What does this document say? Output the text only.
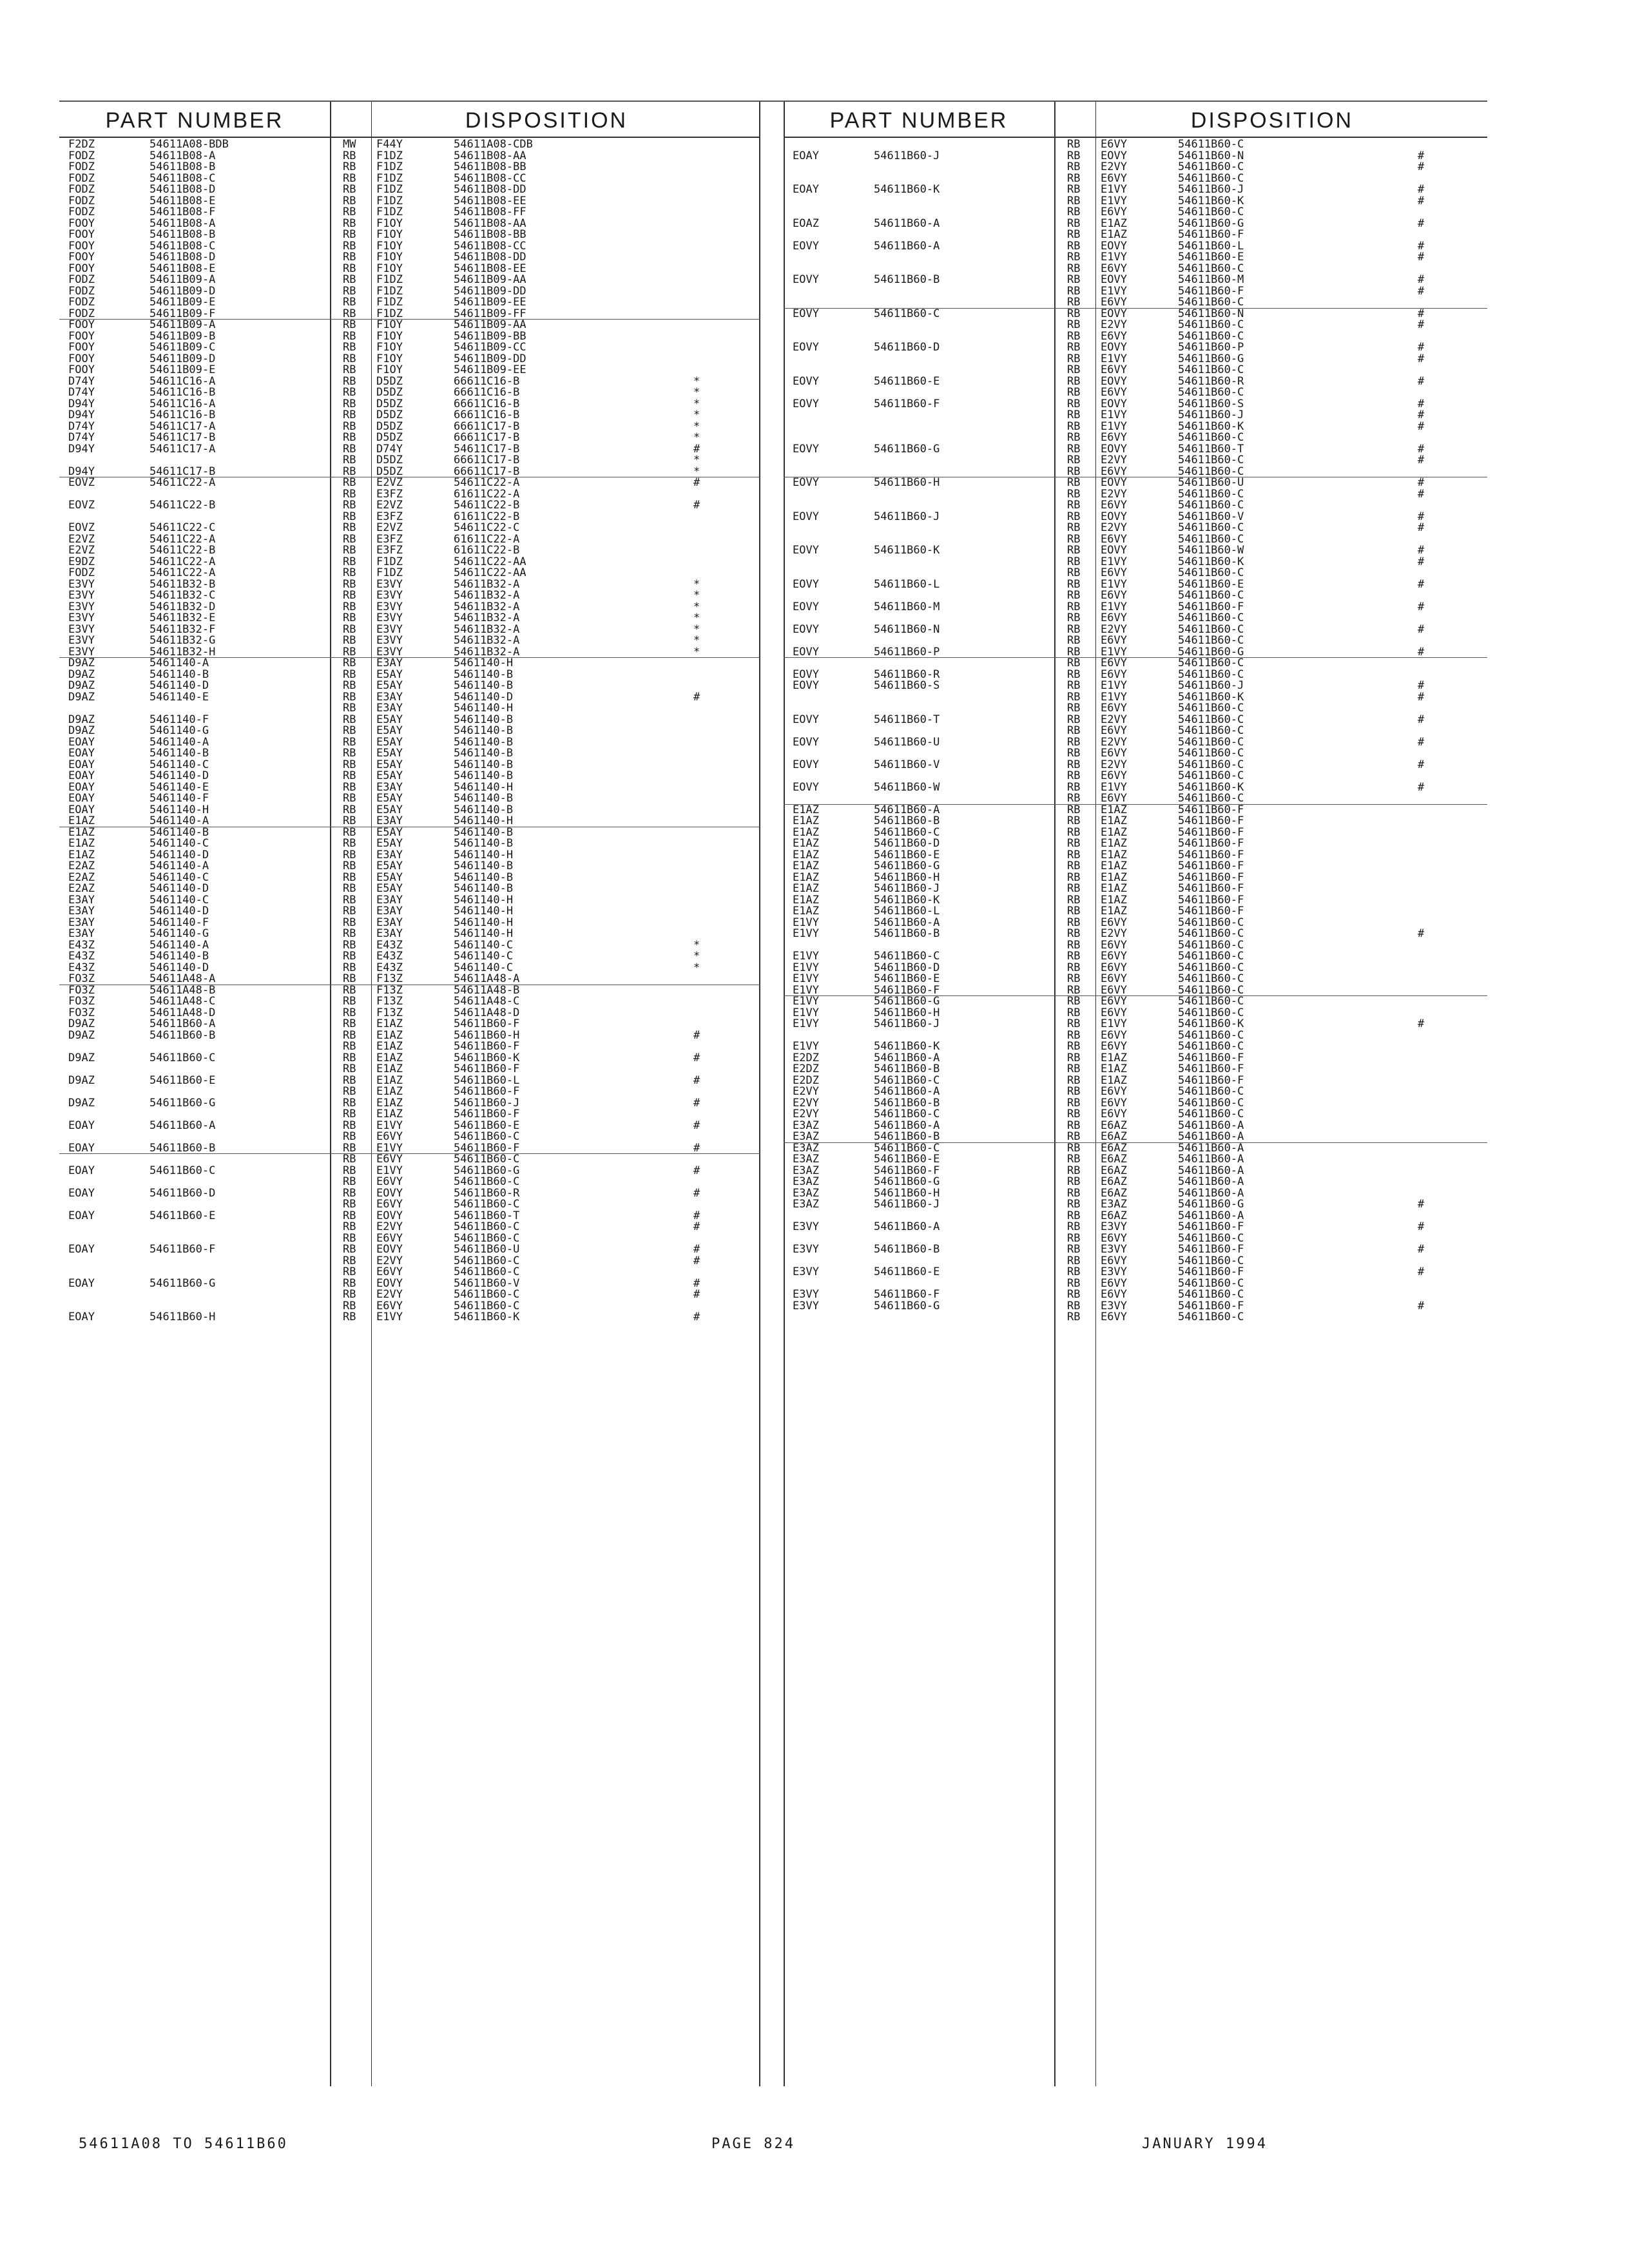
PART NUMBER	DISPOSITION
F2DZ	54611A08-BDB	MW F44Y	54611A08-CDB
FODZ	54611B08-A	RB F1DZ	54611B08-AA
FODZ	54611B08-B	RB F1DZ	54611B08-BB
FODZ	54611B08-C	RB F1DZ	54611B08-CC
FODZ	54611B08-D	RB F1DZ	54611B08-DD
FODZ	54611B08-E	RB F1DZ	54611B08-EE
FODZ	54611B08-F	RB F1DZ	54611B08-FF
FOOY	54611B08-A	RB F1OY	54611B08-AA
FOOY	54611B08-B	RB F1OY	54611B08-BB
FOOY	54611B08-C	RB F1OY	54611B08-CC
FOOY	54611B08-D	RB F1OY	54611B08-DD
FOOY	54611B08-E	RB F1OY	54611B08-EE
FODZ	54611B09-A	RB F1DZ	54611B09-AA
FODZ	54611B09-D	RB F1DZ	54611B09-DD
FODZ	54611B09-E	RB F1DZ	54611B09-EE
FODZ	54611B09-F	RB F1DZ	54611B09-FF
FOOY	54611B09-A	RB F1OY	54611B09-AA
FOOY	54611B09-B	RB F1OY	54611B09-BB
FOOY	54611B09-C	RB F1OY	54611B09-CC
FOOY	54611B09-D	RB F1OY	54611B09-DD
FOOY	54611B09-E	RB F1OY	54611B09-EE
D74Y	54611C16-A	RB D5DZ	66611C16-B	*
D74Y	54611C16-B	RB D5DZ	66611C16-B	*
D94Y	54611C16-A	RB D5DZ	66611C16-B	*
D94Y	54611C16-B	RB D5DZ	66611C16-B	*
D74Y	54611C17-A	RB D5DZ	66611C17-B	*
D74Y	54611C17-B	RB D5DZ	66611C17-B	*
D94Y	54611C17-A	RB D74Y	54611C17-B	#
RB D5DZ	66611C17-B	*
D94Y	54611C17-B	RB D5DZ	66611C17-B	*
EOVZ	54611C22-A	RB E2VZ	54611C22-A	#
RB E3FZ	61611C22-A
EOVZ	54611C22-B	RB E2VZ	54611C22-B	#
RB E3FZ	61611C22-B
EOVZ	54611C22-C	RB E2VZ	54611C22-C
E2VZ	54611C22-A	RB E3FZ	61611C22-A
E2VZ	54611C22-B	RB E3FZ	61611C22-B
E9DZ	54611C22-A	RB F1DZ	54611C22-AA
FODZ	54611C22-A	RB F1DZ	54611C22-AA
E3VY	54611B32-B	RB E3VY	54611B32-A	*
E3VY	54611B32-C	RB E3VY	54611B32-A	*
E3VY	54611B32-D	RB E3VY	54611B32-A	*
E3VY	54611B32-E	RB E3VY	54611B32-A	*
E3VY	54611B32-F	RB E3VY	54611B32-A	*
E3VY	54611B32-G	RB E3VY	54611B32-A	*
E3VY	54611B32-H	RB E3VY	54611B32-A	*
D9AZ	5461140-A	RB E3AY	5461140-H
D9AZ	5461140-B	RB E5AY	5461140-B
D9AZ	5461140-D	RB E5AY	5461140-B
D9AZ	5461140-E	RB E3AY	5461140-D	#
RB E3AY	5461140-H
D9AZ	5461140-F	RB E5AY	5461140-B
D9AZ	5461140-G	RB E5AY	5461140-B
EOAY	5461140-A	RB E5AY	5461140-B
EOAY	5461140-B	RB E5AY	5461140-B
EOAY	5461140-C	RB E5AY	5461140-B
EOAY	5461140-D	RB E5AY	5461140-B
EOAY	5461140-E	RB E3AY	5461140-H
EOAY	5461140-F	RB E5AY	5461140-B
EOAY	5461140-H	RB E5AY	5461140-B
E1AZ	5461140-A	RB E3AY	5461140-H
E1AZ	5461140-B	RB E5AY	5461140-B
E1AZ	5461140-C	RB E5AY	5461140-B
E1AZ	5461140-D	RB E3AY	5461140-H
E2AZ	5461140-A	RB E5AY	5461140-B
E2AZ	5461140-C	RB E5AY	5461140-B
E2AZ	5461140-D	RB E5AY	5461140-B
E3AY	5461140-C	RB E3AY	5461140-H
E3AY	5461140-D	RB E3AY	5461140-H
E3AY	5461140-F	RB E3AY	5461140-H
E3AY	5461140-G	RB E3AY	5461140-H
E43Z	5461140-A	RB E43Z	5461140-C	*
E43Z	5461140-B	RB E43Z	5461140-C	*
E43Z	5461140-D	RB E43Z	5461140-C	*
FO3Z	54611A48-A	RB F13Z	54611A48-A
FO3Z	54611A48-B	RB F13Z	54611A48-B
FO3Z	54611A48-C	RB F13Z	54611A48-C
FO3Z	54611A48-D	RB F13Z	54611A48-D
D9AZ	54611B60-A	RB E1AZ	54611B60-F
D9AZ	54611B60-B	RB E1AZ	54611B60-H	#
RB E1AZ	54611B60-F
D9AZ	54611B60-C	RB E1AZ	54611B60-K	#
RB E1AZ	54611B60-F
D9AZ	54611B60-E	RB E1AZ	54611B60-L	#
RB E1AZ	54611B60-F
D9AZ	54611B60-G	RB E1AZ	54611B60-J	#
RB E1AZ	54611B60-F
EOAY	54611B60-A	RB E1VY	54611B60-E	#
RB E6VY	54611B60-C
EOAY	54611B60-B	RB E1VY	54611B60-F	#
RB E6VY	54611B60-C
EOAY	54611B60-C	RB E1VY	54611B60-G	#
RB E6VY	54611B60-C
EOAY	54611B60-D	RB EOVY	54611B60-R	#
RB E6VY	54611B60-C
EOAY	54611B60-E	RB EOVY	54611B60-T	#
RB E2VY	54611B60-C	#
RB E6VY	54611B60-C
EOAY	54611B60-F	RB EOVY	54611B60-U	#
RB E2VY	54611B60-C	#
RB E6VY	54611B60-C
EOAY	54611B60-G	RB EOVY	54611B60-V	#
RB E2VY	54611B60-C	#
RB E6VY	54611B60-C
EOAY	54611B60-H	RB E1VY	54611B60-K	#
PART NUMBER	DISPOSITION
RB E6VY	54611B60-C
EOAY	54611B60-J	RB EOVY	54611B60-N	#
RB E2VY	54611B60-C	#
RB E6VY	54611B60-C
EOAY	54611B60-K	RB E1VY	54611B60-J	#
RB E1VY	54611B60-K	#
RB E6VY	54611B60-C
EOAZ	54611B60-A	RB E1AZ	54611B60-G	#
RB E1AZ	54611B60-F
EOVY	54611B60-A	RB EOVY	54611B60-L	#
RB E1VY	54611B60-E	#
RB E6VY	54611B60-C
EOVY	54611B60-B	RB EOVY	54611B60-M	#
RB E1VY	54611B60-F	#
RB E6VY	54611B60-C
EOVY	54611B60-C	RB EOVY	54611B60-N	#
RB E2VY	54611B60-C	#
RB E6VY	54611B60-C
EOVY	54611B60-D	RB EOVY	54611B60-P	#
RB E1VY	54611B60-G	#
RB E6VY	54611B60-C
EOVY	54611B60-E	RB EOVY	54611B60-R	#
RB E6VY	54611B60-C
EOVY	54611B60-F	RB EOVY	54611B60-S	#
RB E1VY	54611B60-J	#
RB E1VY	54611B60-K	#
RB E6VY	54611B60-C
EOVY	54611B60-G	RB EOVY	54611B60-T	#
RB E2VY	54611B60-C	#
RB E6VY	54611B60-C
EOVY	54611B60-H	RB EOVY	54611B60-U	#
RB E2VY	54611B60-C	#
RB E6VY	54611B60-C
EOVY	54611B60-J	RB EOVY	54611B60-V	#
RB E2VY	54611B60-C	#
RB E6VY	54611B60-C
EOVY	54611B60-K	RB EOVY	54611B60-W	#
RB E1VY	54611B60-K	#
RB E6VY	54611B60-C
EOVY	54611B60-L	RB E1VY	54611B60-E	#
RB E6VY	54611B60-C
EOVY	54611B60-M	RB E1VY	54611B60-F	#
RB E6VY	54611B60-C
EOVY	54611B60-N	RB E2VY	54611B60-C	#
RB E6VY	54611B60-C
EOVY	54611B60-P	RB E1VY	54611B60-G	#
RB E6VY	54611B60-C
EOVY	54611B60-R	RB E6VY	54611B60-C
EOVY	54611B60-S	RB E1VY	54611B60-J	#
RB E1VY	54611B60-K	#
RB E6VY	54611B60-C
EOVY	54611B60-T	RB E2VY	54611B60-C	#
RB E6VY	54611B60-C
EOVY	54611B60-U	RB E2VY	54611B60-C	#
RB E6VY	54611B60-C
EOVY	54611B60-V	RB E2VY	54611B60-C	#
RB E6VY	54611B60-C
EOVY	54611B60-W	RB E1VY	54611B60-K	#
RB E6VY	54611B60-C
E1AZ	54611B60-A	RB E1AZ	54611B60-F
E1AZ	54611B60-B	RB E1AZ	54611B60-F
E1AZ	54611B60-C	RB E1AZ	54611B60-F
E1AZ	54611B60-D	RB E1AZ	54611B60-F
E1AZ	54611B60-E	RB E1AZ	54611B60-F
E1AZ	54611B60-G	RB E1AZ	54611B60-F
E1AZ	54611B60-H	RB E1AZ	54611B60-F
E1AZ	54611B60-J	RB E1AZ	54611B60-F
E1AZ	54611B60-K	RB E1AZ	54611B60-F
E1AZ	54611B60-L	RB E1AZ	54611B60-F
E1VY	54611B60-A	RB E6VY	54611B60-C
E1VY	54611B60-B	RB E2VY	54611B60-C	#
RB E6VY	54611B60-C
E1VY	54611B60-C	RB E6VY	54611B60-C
E1VY	54611B60-D	RB E6VY	54611B60-C
E1VY	54611B60-E	RB E6VY	54611B60-C
E1VY	54611B60-F	RB E6VY	54611B60-C
E1VY	54611B60-G	RB E6VY	54611B60-C
E1VY	54611B60-H	RB E6VY	54611B60-C
E1VY	54611B60-J	RB E1VY	54611B60-K	#
RB E6VY	54611B60-C
E1VY	54611B60-K	RB E6VY	54611B60-C
E2DZ	54611B60-A	RB E1AZ	54611B60-F
E2DZ	54611B60-B	RB E1AZ	54611B60-F
E2DZ	54611B60-C	RB E1AZ	54611B60-F
E2VY	54611B60-A	RB E6VY	54611B60-C
E2VY	54611B60-B	RB E6VY	54611B60-C
E2VY	54611B60-C	RB E6VY	54611B60-C
E3AZ	54611B60-A	RB E6AZ	54611B60-A
E3AZ	54611B60-B	RB E6AZ	54611B60-A
E3AZ	54611B60-C	RB E6AZ	54611B60-A
E3AZ	54611B60-E	RB E6AZ	54611B60-A
E3AZ	54611B60-F	RB E6AZ	54611B60-A
E3AZ	54611B60-G	RB E6AZ	54611B60-A
E3AZ	54611B60-H	RB E6AZ	54611B60-A
E3AZ	54611B60-J	RB E3AZ	54611B60-G	#
RB E6AZ	54611B60-A
E3VY	54611B60-A	RB E3VY	54611B60-F	#
RB E6VY	54611B60-C
E3VY	54611B60-B	RB E3VY	54611B60-F	#
RB E6VY	54611B60-C
E3VY	54611B60-E	RB E3VY	54611B60-F	#
RB E6VY	54611B60-C
E3VY	54611B60-F	RB E6VY	54611B60-C
E3VY	54611B60-G	RB E3VY	54611B60-F	#
RB E6VY	54611B60-C
54611A08 TO 54611B60	PAGE 824	JANUARY 1994
